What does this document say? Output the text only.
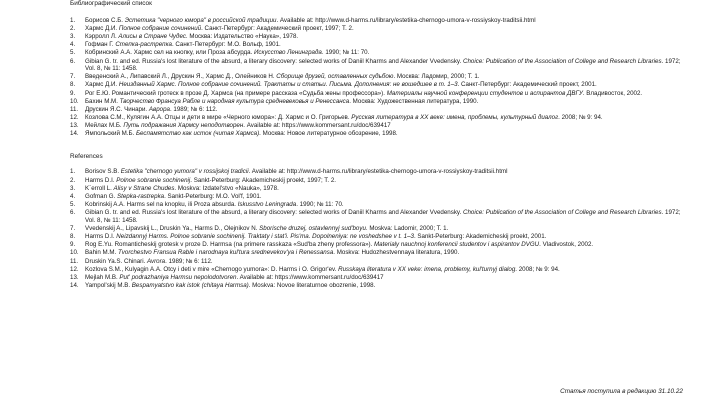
Библиографический список
1. Борисов С.Б. Эстетика "черного юмора" в российской традиции. Available at: http://www.d-harms.ru/library/estetika-chernogo-umora-v-rossiyskoy-traditsii.html
2. Хармс Д.И. Полное собрание сочинений. Санкт-Петербург: Академический проект, 1997; Т. 2.
3. Кэрролл Л. Алисы в Стране Чудес. Москва: Издательство «Наука», 1978.
4. Гофман Г. Степка-растрепка. Санкт-Петербург: М.О. Вольф, 1901.
5. Кобринский А.А. Хармс сел на кнопку, или Проза абсурда. Искусство Ленинграда. 1990; № 11: 70.
6. Gibian G. tr. and ed. Russia's lost literature of the absurd, a literary discovery: selected works of Daniil Kharms and Alexander Vvedensky. Choice: Publication of the Association of College and Research Libraries. 1972; Vol. 8, № 11: 1458.
7. Введенский А., Липавский Л., Друскин Я., Хармс Д., Олейников Н. Сборище друзей, оставленных судьбою. Москва: Ладомир, 2000; Т. 1.
8. Хармс Д.И. Неизданный Хармс. Полное собрание сочинений. Трактаты и статьи. Письма. Дополнения: не вошедшее в т. 1–3. Санкт-Петербург: Академический проект, 2001.
9. Рог Е.Ю. Романтический гротеск в прозе Д. Хармса (на примере рассказа «Судьба жены профессора»). Материалы научной конференции студентов и аспирантов ДВГУ. Владивосток, 2002.
10. Бахин М.М. Творчество Франсуа Рабле и народная культура средневековья и Ренессанса. Москва: Художественная литература, 1990.
11. Друскин Я.С. Чинари. Аврора. 1989; № 6: 112.
12. Козлова С.М., Кулягин А.А. Отцы и дети в мире «Черного юмора»: Д. Хармс и О. Григорьев. Русская литература в XX веке: имена, проблемы, культурный диалог. 2008; № 9: 94.
13. Мейлах М.Б. Путь подражания Хармсу неподотворен. Available at: https://www.kommersant.ru/doc/639417
14. Ямпольский М.Б. Беспамятство как исток (читая Хармса). Москва: Новое литературное обозрение, 1998.
References
1. Borisov S.B. Estetika "chernogo yumora" v rossijskoj tradicii. Available at: http://www.d-harms.ru/library/estetika-chernogo-umora-v-rossiyskoy-traditsii.html
2. Harms D.I. Polnoe sobranie sochinenij. Sankt-Peterburg: Akademicheskij proekt, 1997; T. 2.
3. K`erroll L. Alisy v Strane Chudes. Moskva: Izdatel'stvo «Nauka», 1978.
4. Gofman G. Stepka-rastrepka. Sankt-Peterburg: M.O. Vol'f, 1901.
5. Kobrinskij A.A. Harms sel na knopku, ili Proza absurda. Iskusstvo Leningrada. 1990; № 11: 70.
6. Gibian G. tr. and ed. Russia's lost literature of the absurd, a literary discovery: selected works of Daniil Kharms and Alexander Vvedensky. Choice: Publication of the Association of College and Research Libraries. 1972; Vol. 8, № 11: 1458.
7. Vvedenskij A., Lipavskij L., Druskin Ya., Harms D., Olejnikov N. Sborische druzej, ostavlennyj sud'boyu. Moskva: Ladomir, 2000; T. 1.
8. Harms D.I. Neizdannyj Harms. Polnoe sobranie sochinenij. Traktaty i stat'i. Pis'ma. Dopolneniya: ne voshedshee v t. 1–3. Sankt-Peterburg: Akademicheskij proekt, 2001.
9. Rog E.Yu. Romanticheskij grotesk v proze D. Harmsa (na primere rasskaza «Sud'ba zheny professora»). Materialy nauchnoj konferencii studentov i aspirantov DVGU. Vladivostok, 2002.
10. Bahin M.M. Tvorchestvo Fransua Rable i narodnaya kul'tura srednevekov'ya i Renessansa. Moskva: Hudozhestvennaya literatura, 1990.
11. Druskin Ya.S. Chinari. Avrora. 1989; № 6: 112.
12. Kozlova S.M., Kulyagin A.A. Otcy i deti v mire «Chernogo yumora»: D. Harms i O. Grigor'ev. Russkaya literatura v XX veke: imena, problemy, kul'turnyj dialog. 2008; № 9: 94.
13. Mejlah M.B. Put' podrazhaniya Harmsu nepolodotvoren. Available at: https://www.kommersant.ru/doc/639417
14. Yampol'skij M.B. Bespamyatstvo kak istok (chitaya Harmsa). Moskva: Novoe literaturnoe obozrenie, 1998.
Статья поступила в редакцию 31.10.22
